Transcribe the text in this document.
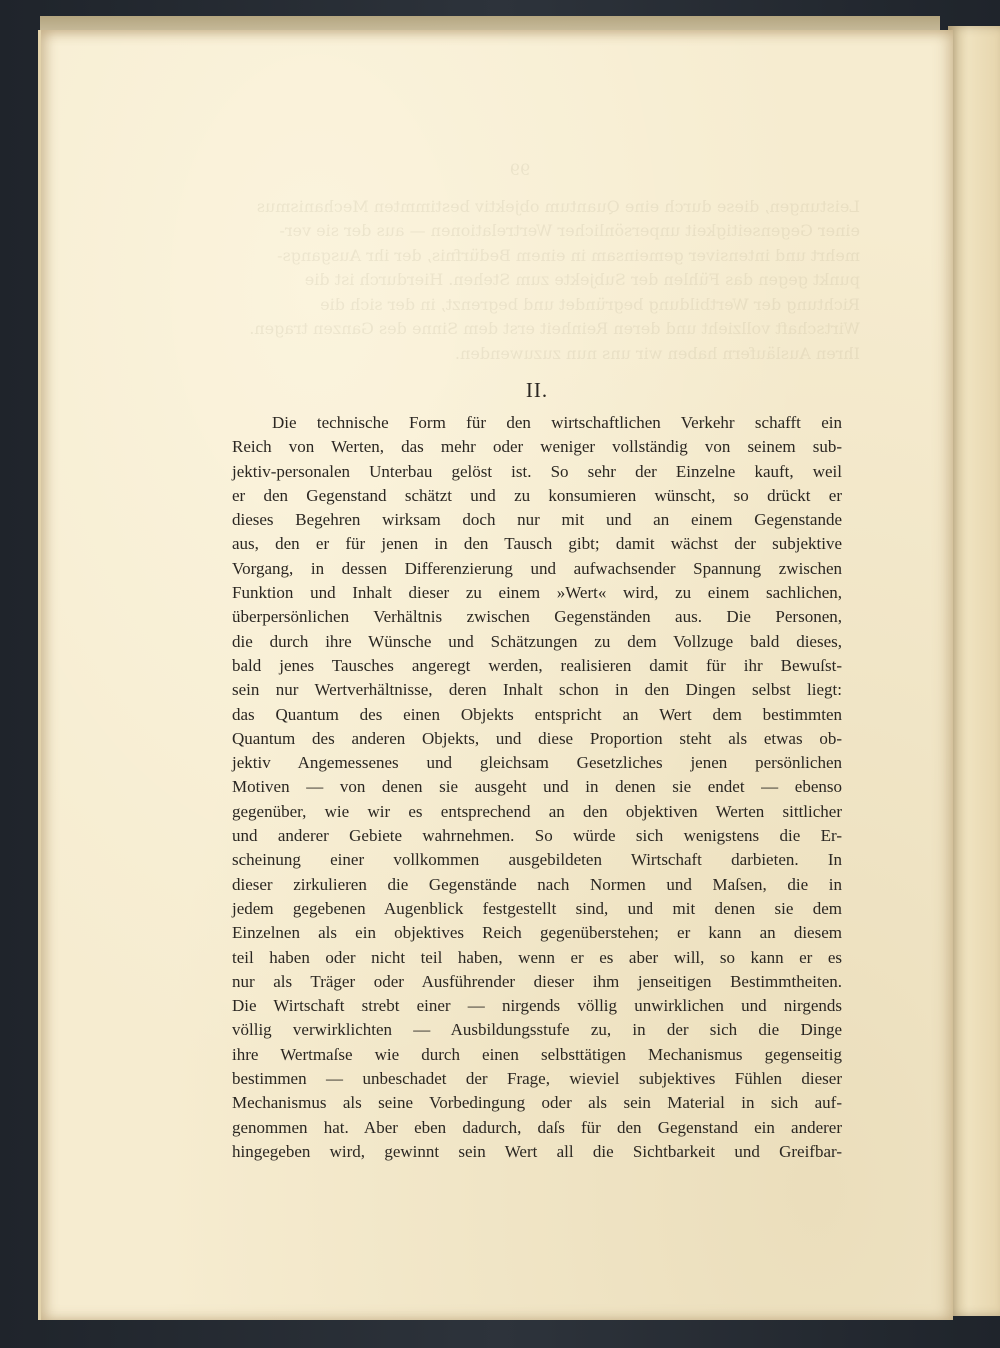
II.
Die technische Form für den wirtschaftlichen Verkehr schafft ein
Reich von Werten, das mehr oder weniger vollständig von seinem sub-
jektiv-personalen Unterbau gelöst ist. So sehr der Einzelne kauft, weil
er den Gegenstand schätzt und zu konsumieren wünscht, so drückt er
dieses Begehren wirksam doch nur mit und an einem Gegenstande
aus, den er für jenen in den Tausch gibt; damit wächst der subjektive
Vorgang, in dessen Differenzierung und aufwachsender Spannung zwischen
Funktion und Inhalt dieser zu einem »Wert« wird, zu einem sachlichen,
überpersönlichen Verhältnis zwischen Gegenständen aus. Die Personen,
die durch ihre Wünsche und Schätzungen zu dem Vollzuge bald dieses,
bald jenes Tausches angeregt werden, realisieren damit für ihr Bewuſst-
sein nur Wertverhältnisse, deren Inhalt schon in den Dingen selbst liegt:
das Quantum des einen Objekts entspricht an Wert dem bestimmten
Quantum des anderen Objekts, und diese Proportion steht als etwas ob-
jektiv Angemessenes und gleichsam Gesetzliches jenen persönlichen
Motiven — von denen sie ausgeht und in denen sie endet — ebenso
gegenüber, wie wir es entsprechend an den objektiven Werten sittlicher
und anderer Gebiete wahrnehmen. So würde sich wenigstens die Er-
scheinung einer vollkommen ausgebildeten Wirtschaft darbieten. In
dieser zirkulieren die Gegenstände nach Normen und Maſsen, die in
jedem gegebenen Augenblick festgestellt sind, und mit denen sie dem
Einzelnen als ein objektives Reich gegenüberstehen; er kann an diesem
teil haben oder nicht teil haben, wenn er es aber will, so kann er es
nur als Träger oder Ausführender dieser ihm jenseitigen Bestimmtheiten.
Die Wirtschaft strebt einer — nirgends völlig unwirklichen und nirgends
völlig verwirklichten — Ausbildungsstufe zu, in der sich die Dinge
ihre Wertmaſse wie durch einen selbsttätigen Mechanismus gegenseitig
bestimmen — unbeschadet der Frage, wieviel subjektives Fühlen dieser
Mechanismus als seine Vorbedingung oder als sein Material in sich auf-
genommen hat. Aber eben dadurch, daſs für den Gegenstand ein anderer
hingegeben wird, gewinnt sein Wert all die Sichtbarkeit und Greifbar-
